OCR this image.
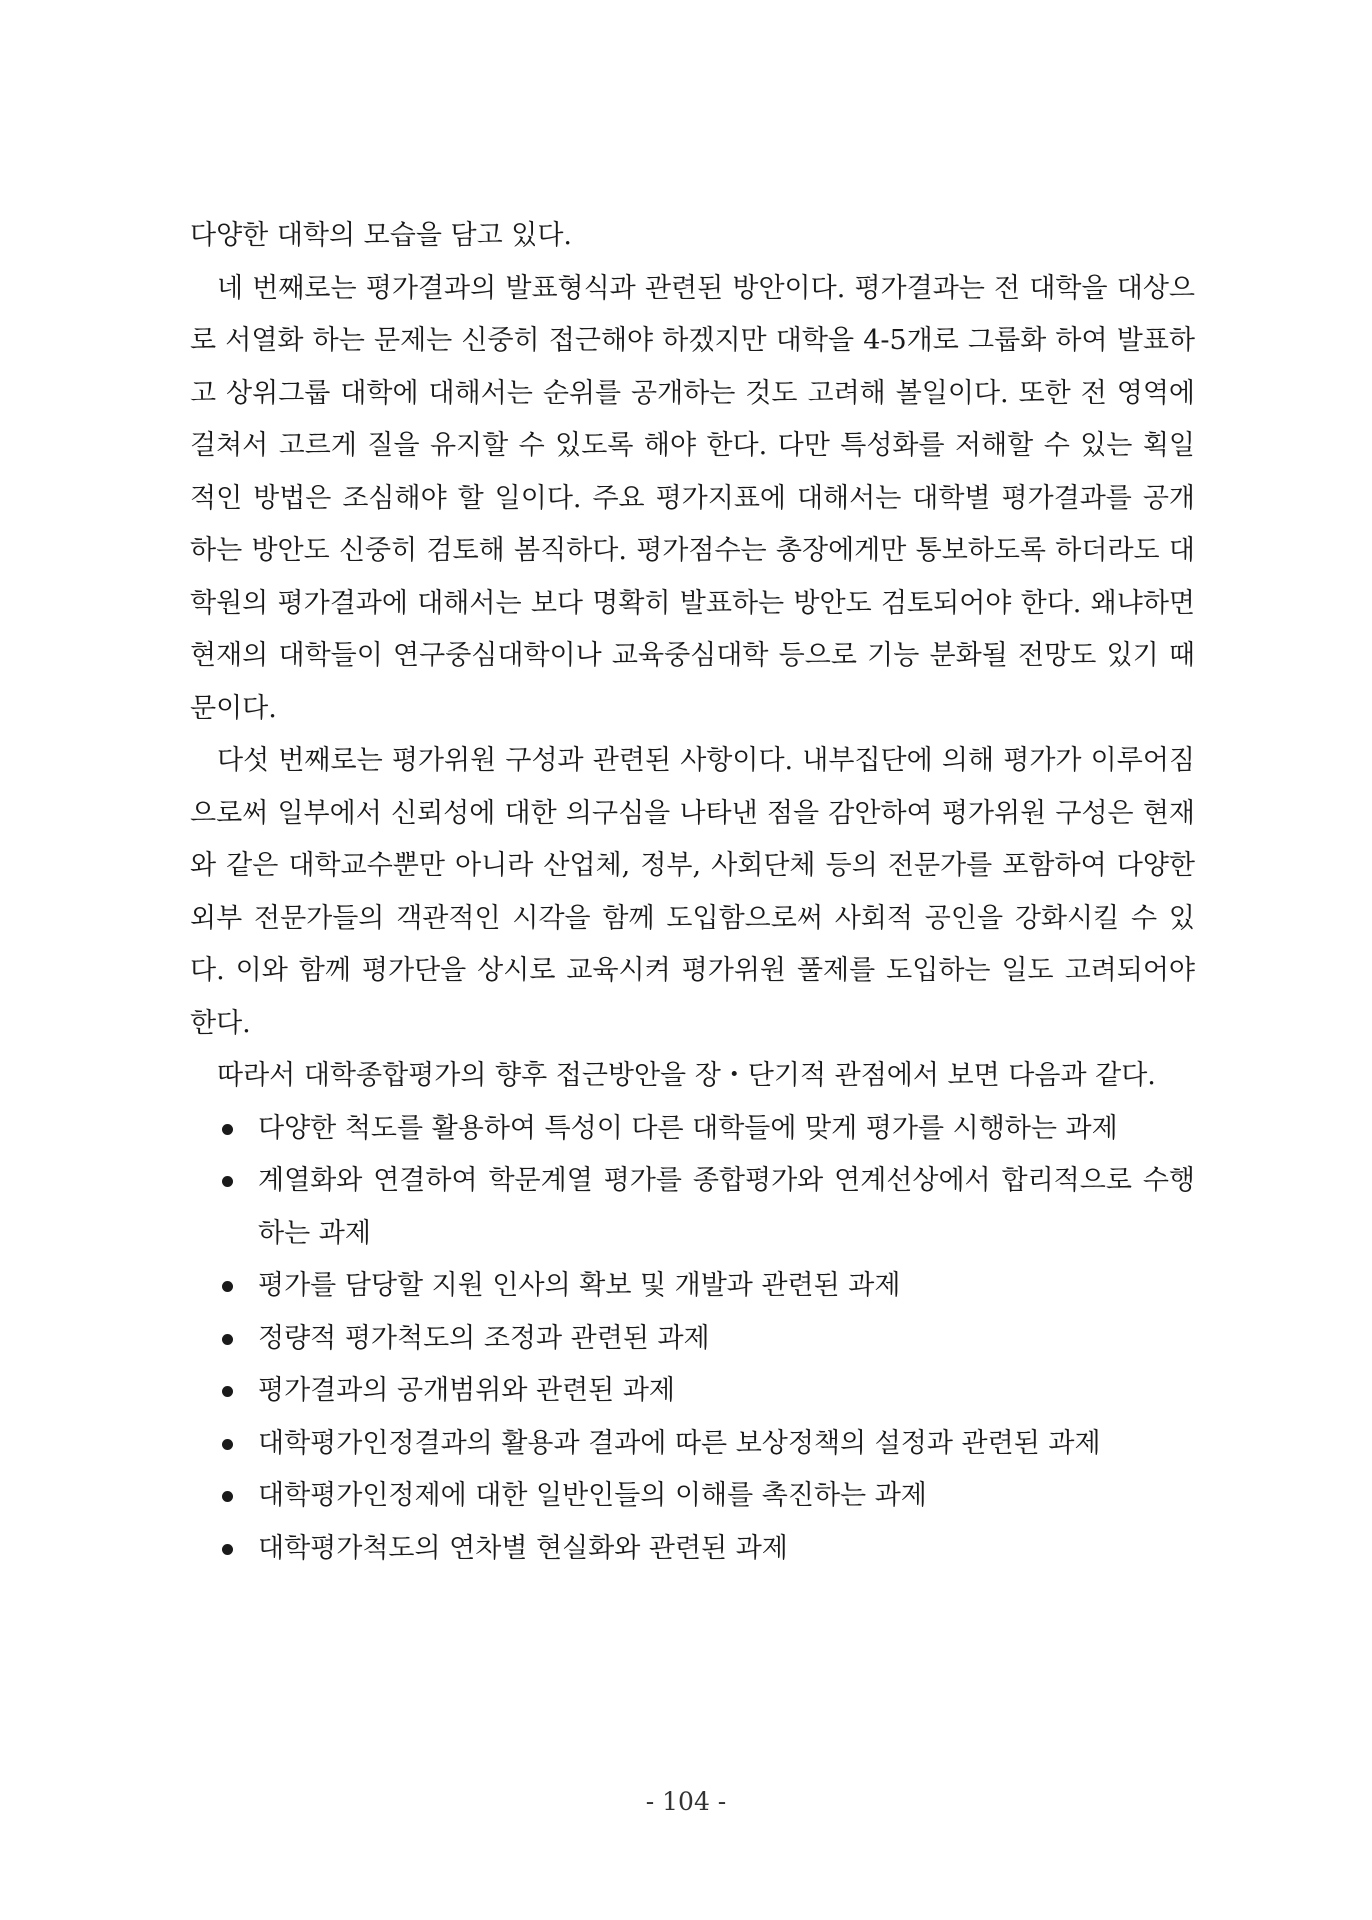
다양한 대학의 모습을 담고 있다.

네 번째로는 평가결과의 발표형식과 관련된 방안이다. 평가결과는 전 대학을 대상으로 서열화 하는 문제는 신중히 접근해야 하겠지만 대학을 4-5개로 그룹화 하여 발표하고 상위그룹 대학에 대해서는 순위를 공개하는 것도 고려해 볼일이다. 또한 전 영역에 걸쳐서 고르게 질을 유지할 수 있도록 해야 한다. 다만 특성화를 저해할 수 있는 획일적인 방법은 조심해야 할 일이다. 주요 평가지표에 대해서는 대학별 평가결과를 공개하는 방안도 신중히 검토해 봄직하다. 평가점수는 총장에게만 통보하도록 하더라도 대학원의 평가결과에 대해서는 보다 명확히 발표하는 방안도 검토되어야 한다. 왜냐하면 현재의 대학들이 연구중심대학이나 교육중심대학 등으로 기능 분화될 전망도 있기 때문이다.

다섯 번째로는 평가위원 구성과 관련된 사항이다. 내부집단에 의해 평가가 이루어짐으로써 일부에서 신뢰성에 대한 의구심을 나타낸 점을 감안하여 평가위원 구성은 현재와 같은 대학교수뿐만 아니라 산업체, 정부, 사회단체 등의 전문가를 포함하여 다양한 외부 전문가들의 객관적인 시각을 함께 도입함으로써 사회적 공인을 강화시킬 수 있다. 이와 함께 평가단을 상시로 교육시켜 평가위원 풀제를 도입하는 일도 고려되어야 한다.

따라서 대학종합평가의 향후 접근방안을 장・단기적 관점에서 보면 다음과 같다.

다양한 척도를 활용하여 특성이 다른 대학들에 맞게 평가를 시행하는 과제
계열화와 연결하여 학문계열 평가를 종합평가와 연계선상에서 합리적으로 수행하는 과제
평가를 담당할 지원 인사의 확보 및 개발과 관련된 과제
정량적 평가척도의 조정과 관련된 과제
평가결과의 공개범위와 관련된 과제
대학평가인정결과의 활용과 결과에 따른 보상정책의 설정과 관련된 과제
대학평가인정제에 대한 일반인들의 이해를 촉진하는 과제
대학평가척도의 연차별 현실화와 관련된 과제
- 104 -
